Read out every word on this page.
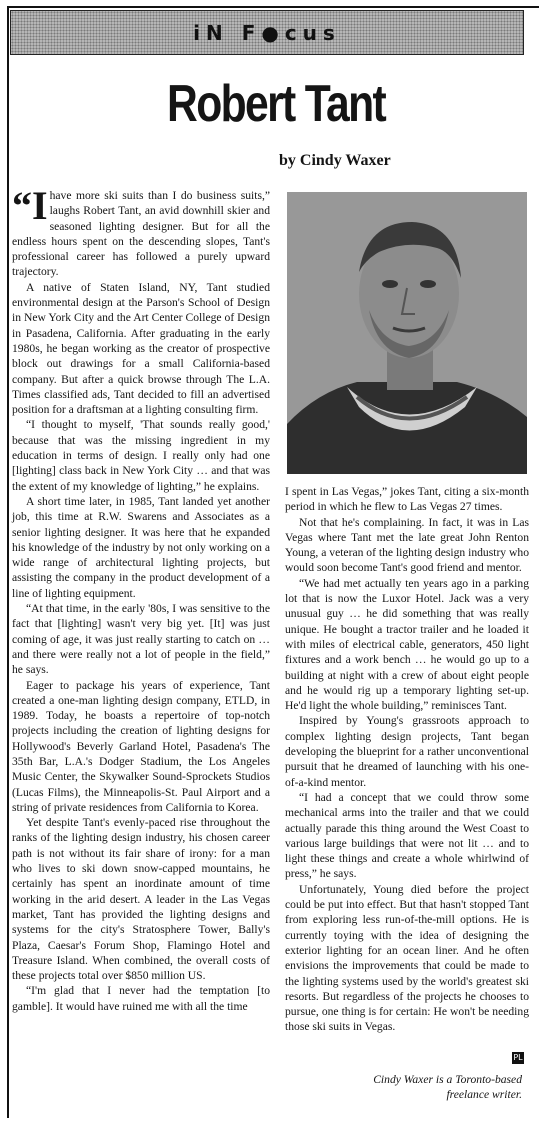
iN F●cus
Robert Tant
by Cindy Waxer

“Ihave more ski suits than I do business suits,” laughs Robert Tant, an avid downhill skier and seasoned lighting designer. But for all the endless hours spent on the descending slopes, Tant's professional career has followed a purely upward trajectory.

A native of Staten Island, NY, Tant studied environmental design at the Parson's School of Design in New York City and the Art Center College of Design in Pasadena, California. After graduating in the early 1980s, he began working as the creator of prospective block out drawings for a small California-based company. But after a quick browse through The L.A. Times classified ads, Tant decided to fill an advertised position for a draftsman at a lighting consulting firm.

“I thought to myself, 'That sounds really good,' because that was the missing ingredient in my education in terms of design. I really only had one [lighting] class back in New York City … and that was the extent of my knowledge of lighting,” he explains.

A short time later, in 1985, Tant landed yet another job, this time at R.W. Swarens and Associates as a senior lighting designer. It was here that he expanded his knowledge of the industry by not only working on a wide range of architectural lighting projects, but assisting the company in the product development of a line of lighting equipment.

“At that time, in the early '80s, I was sensitive to the fact that [lighting] wasn't very big yet. [It] was just coming of age, it was just really starting to catch on … and there were really not a lot of people in the field,” he says.

Eager to package his years of experience, Tant created a one-man lighting design company, ETLD, in 1989. Today, he boasts a repertoire of top-notch projects including the creation of lighting designs for Hollywood's Beverly Garland Hotel, Pasadena's The 35th Bar, L.A.'s Dodger Stadium, the Los Angeles Music Center, the Skywalker Sound-Sprockets Studios (Lucas Films), the Minneapolis-St. Paul Airport and a string of private residences from California to Korea.

Yet despite Tant's evenly-paced rise throughout the ranks of the lighting design industry, his chosen career path is not without its fair share of irony: for a man who lives to ski down snow-capped mountains, he certainly has spent an inordinate amount of time working in the arid desert. A leader in the Las Vegas market, Tant has provided the lighting designs and systems for the city's Stratosphere Tower, Bally's Plaza, Caesar's Forum Shop, Flamingo Hotel and Treasure Island. When combined, the overall costs of these projects total over $850 million US.

“I'm glad that I never had the temptation [to gamble]. It would have ruined me with all the time

I spent in Las Vegas,” jokes Tant, citing a six-month period in which he flew to Las Vegas 27 times.

Not that he's complaining. In fact, it was in Las Vegas where Tant met the late great John Renton Young, a veteran of the lighting design industry who would soon become Tant's good friend and mentor.

“We had met actually ten years ago in a parking lot that is now the Luxor Hotel. Jack was a very unusual guy … he did something that was really unique. He bought a tractor trailer and he loaded it with miles of electrical cable, generators, 450 light fixtures and a work bench … he would go up to a building at night with a crew of about eight people and he would rig up a temporary lighting set-up. He'd light the whole building,” reminisces Tant.

Inspired by Young's grassroots approach to complex lighting design projects, Tant began developing the blueprint for a rather unconventional pursuit that he dreamed of launching with his one-of-a-kind mentor.

“I had a concept that we could throw some mechanical arms into the trailer and that we could actually parade this thing around the West Coast to various large buildings that were not lit … and to light these things and create a whole whirlwind of press,” he says.

Unfortunately, Young died before the project could be put into effect. But that hasn't stopped Tant from exploring less run-of-the-mill options. He is currently toying with the idea of designing the exterior lighting for an ocean liner. And he often envisions the improvements that could be made to the lighting systems used by the world's greatest ski resorts. But regardless of the projects he chooses to pursue, one thing is for certain: He won't be needing those ski suits in Vegas.

PL
Cindy Waxer is a Toronto-based
freelance writer.
